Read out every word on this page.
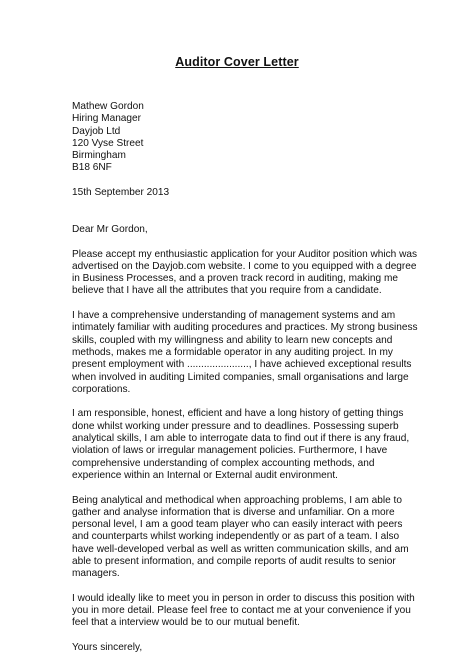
Auditor Cover Letter
Mathew Gordon
Hiring Manager
Dayjob Ltd
120 Vyse Street
Birmingham
B18 6NF
15th September 2013
Dear Mr Gordon,
Please accept my enthusiastic application for your Auditor position which was
advertised on the Dayjob.com website. I come to you equipped with a degree
in Business Processes, and a proven track record in auditing, making me
believe that I have all the attributes that you require from a candidate.
I have a comprehensive understanding of management systems and am
intimately familiar with auditing procedures and practices. My strong business
skills, coupled with my willingness and ability to learn new concepts and
methods, makes me a formidable operator in any auditing project. In my
present employment with ......................, I have achieved exceptional results
when involved in auditing Limited companies, small organisations and large
corporations.
I am responsible, honest, efficient and have a long history of getting things
done whilst working under pressure and to deadlines. Possessing superb
analytical skills, I am able to interrogate data to find out if there is any fraud,
violation of laws or irregular management policies. Furthermore, I have
comprehensive understanding of complex accounting methods, and
experience within an Internal or External audit environment.
Being analytical and methodical when approaching problems, I am able to
gather and analyse information that is diverse and unfamiliar. On a more
personal level, I am a good team player who can easily interact with peers
and counterparts whilst working independently or as part of a team. I also
have well-developed verbal as well as written communication skills, and am
able to present information, and compile reports of audit results to senior
managers.
I would ideally like to meet you in person in order to discuss this position with
you in more detail. Please feel free to contact me at your convenience if you
feel that a interview would be to our mutual benefit.
Yours sincerely,
